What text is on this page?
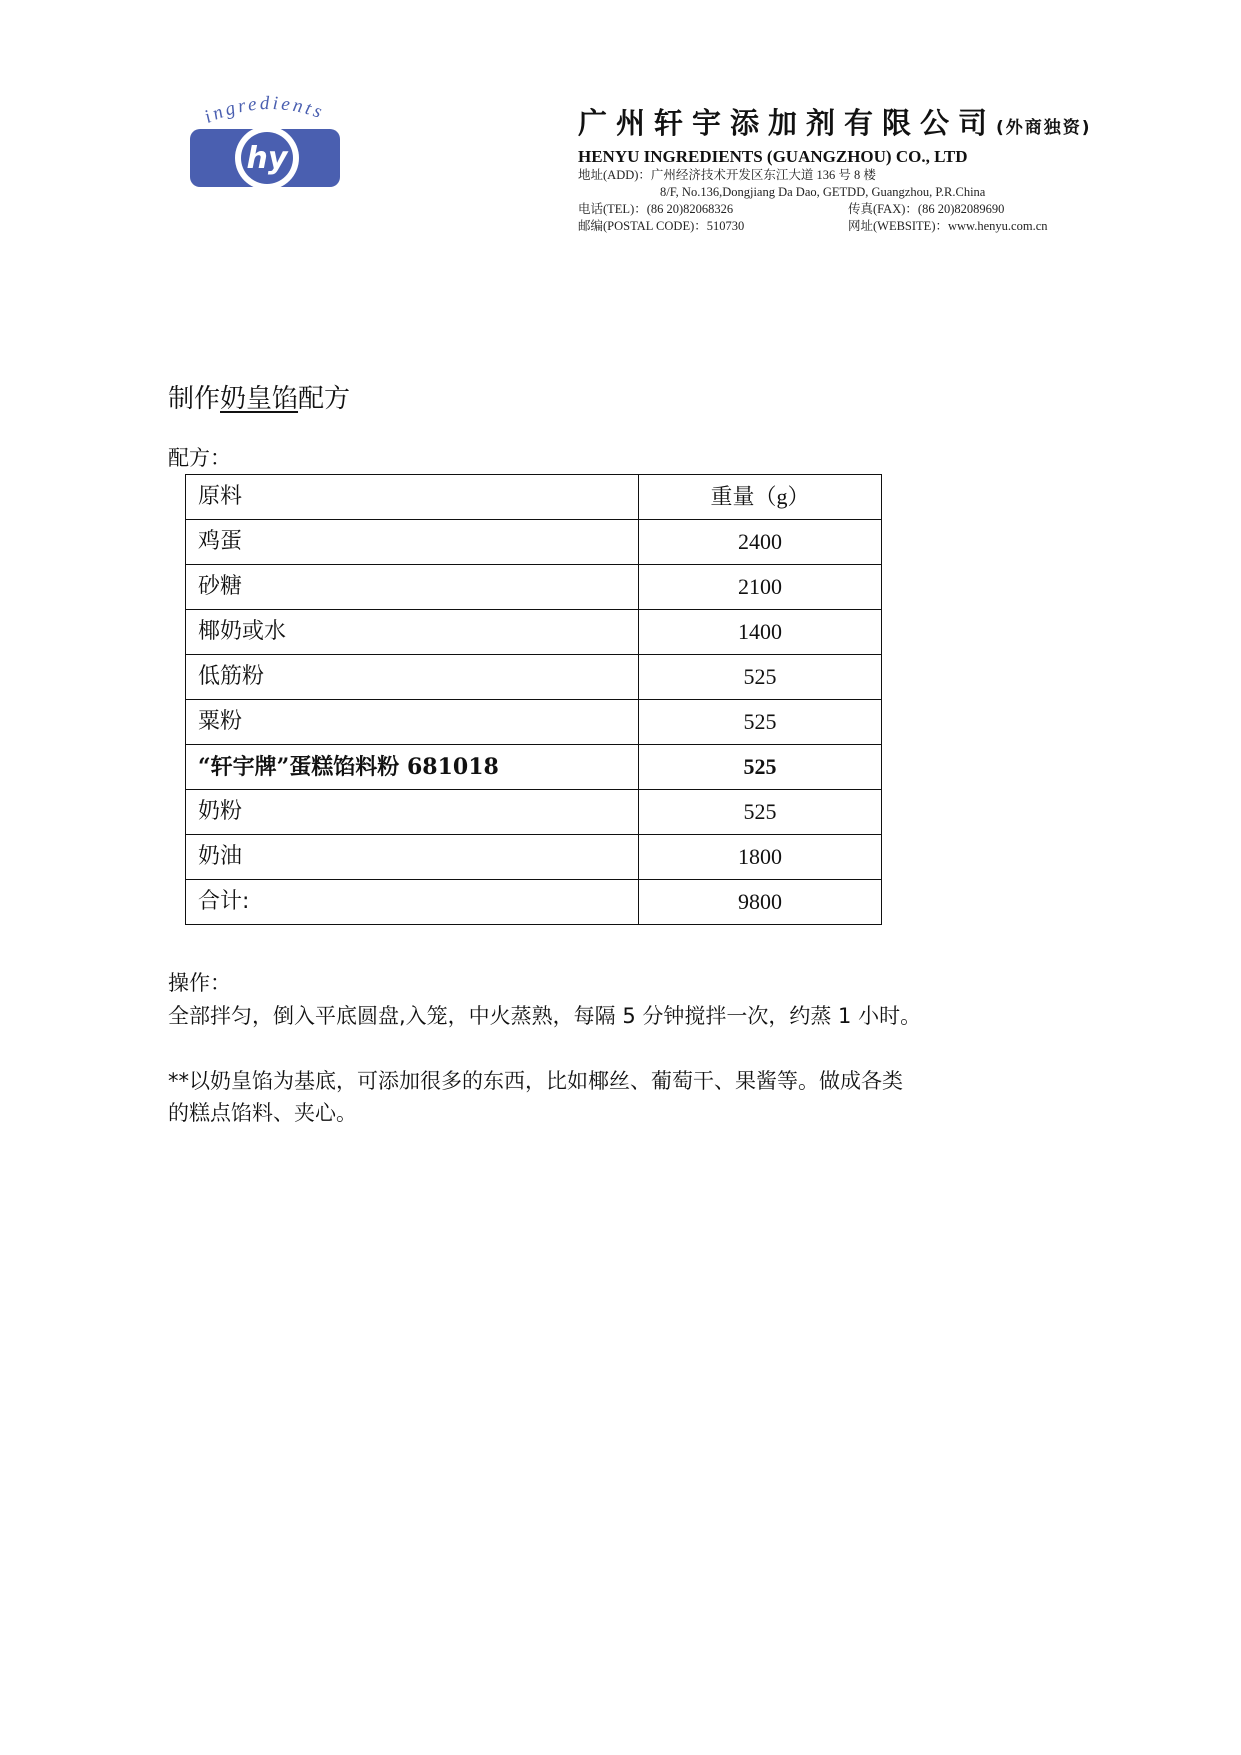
ingredients
hy
广州轩宇添加剂有限公司(外商独资)
HENYU INGREDIENTS (GUANGZHOU) CO., LTD
地址(ADD)：广州经济技术开发区东江大道 136 号 8 楼
8/F, No.136,Dongjiang Da Dao, GETDD, Guangzhou, P.R.China
电话(TEL)：(86 20)82068326	传真(FAX)：(86 20)82089690
邮编(POSTAL CODE)：510730	网址(WEBSITE)：www.henyu.com.cn
制作奶皇馅配方
配方：
原料	重量（g）
鸡蛋	2400
砂糖	2100
椰奶或水	1400
低筋粉	525
粟粉	525
“轩宇牌”蛋糕馅料粉 681018	525
奶粉	525
奶油	1800
合计:	9800
操作：
全部拌匀，倒入平底圆盘,入笼，中火蒸熟，每隔 5 分钟搅拌一次，约蒸 1 小时。
**以奶皇馅为基底，可添加很多的东西，比如椰丝、葡萄干、果酱等。做成各类
的糕点馅料、夹心。
